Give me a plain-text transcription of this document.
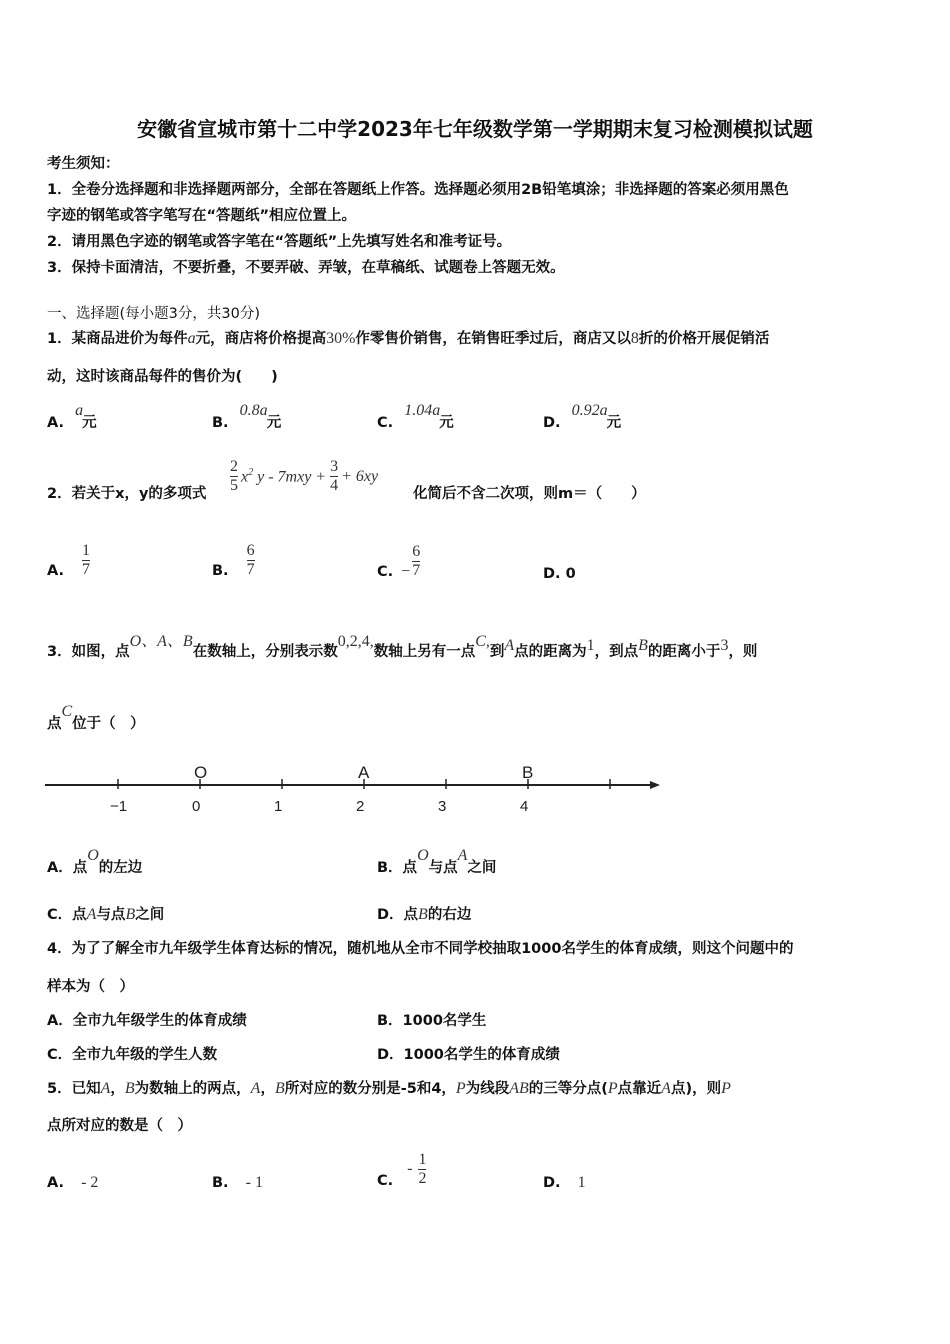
安徽省宣城市第十二中学2023年七年级数学第一学期期末复习检测模拟试题
考生须知：
1．全卷分选择题和非选择题两部分，全部在答题纸上作答。选择题必须用2B铅笔填涂；非选择题的答案必须用黑色
字迹的钢笔或答字笔写在“答题纸”相应位置上。
2．请用黑色字迹的钢笔或答字笔在“答题纸”上先填写姓名和准考证号。
3．保持卡面清洁，不要折叠，不要弄破、弄皱，在草稿纸、试题卷上答题无效。
一、选择题(每小题3分，共30分)
1．某商品进价为每件a元，商店将价格提高30%作零售价销售，在销售旺季过后，商店又以8折的价格开展促销活
动，这时该商品每件的售价为(　　)
A. a 元	B. 0.8a 元	C. 1.04a 元	D. 0.92a 元
2．若关于x，y的多项式 $\frac{2}{5} x^2$ $y - 7mxy + \frac{3}{4} + 6xy$
化简后不含二次项，则m＝（　　）
A. $\frac{1}{7}$	B. $\frac{6}{7}$	C. − $\frac{6}{7}$	D. 0
3．如图，点O、A、B在数轴上，分别表示数0,2,4,数轴上另有一点C,到A点的距离为1，到点B的距离小于3，则
点C位于（　）
−1	0	1	2	3	4
O	A	B
A．点O的左边	B．点O与点A之间
C．点A与点B之间	D．点B的右边
4．为了了解全市九年级学生体育达标的情况，随机地从全市不同学校抽取1000名学生的体育成绩，则这个问题中的
样本为（　）
A．全市九年级学生的体育成绩	B．1000名学生
C．全市九年级的学生人数	D．1000名学生的体育成绩
5．已知A，B为数轴上的两点，A，B所对应的数分别是-5和4，P为线段AB的三等分点(P点靠近A点)，则P
点所对应的数是（　）
A. - 2	B. - 1	C.
- $\frac{1}{2}$	D. 1
